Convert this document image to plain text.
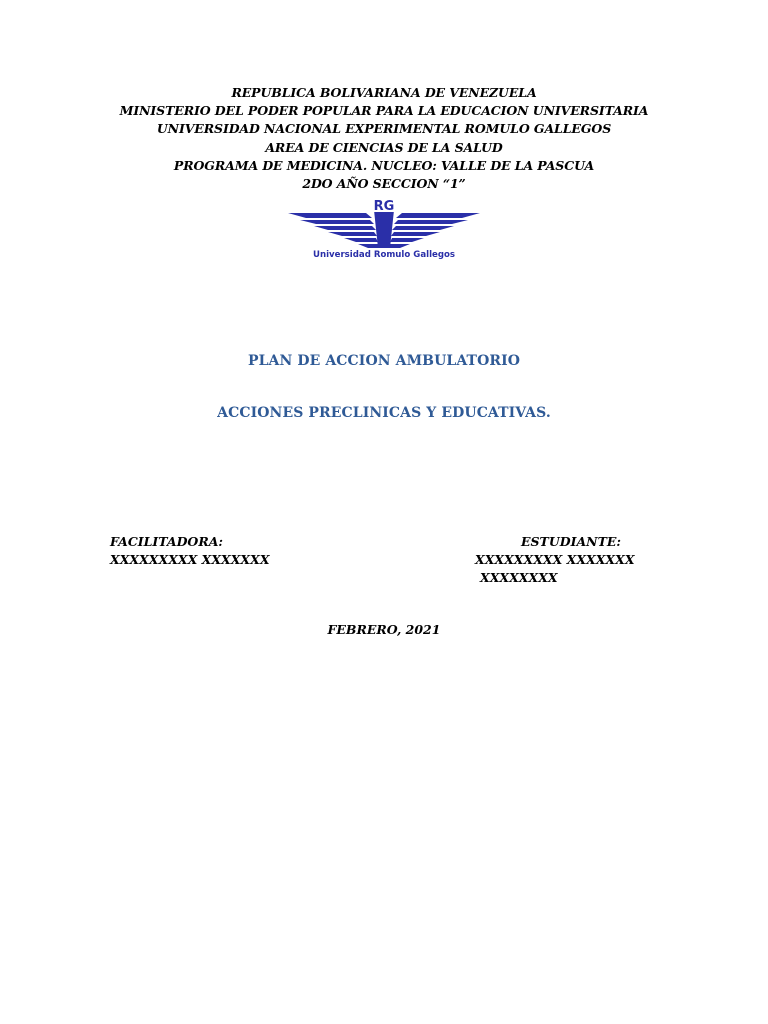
REPUBLICA BOLIVARIANA DE VENEZUELA
MINISTERIO DEL PODER POPULAR PARA LA EDUCACION UNIVERSITARIA
UNIVERSIDAD NACIONAL EXPERIMENTAL ROMULO GALLEGOS
AREA DE CIENCIAS DE LA SALUD
PROGRAMA DE MEDICINA. NUCLEO: VALLE DE LA PASCUA
2DO AÑO SECCION “1”
RG
Universidad Romulo Gallegos
PLAN DE ACCION AMBULATORIO
ACCIONES PRECLINICAS Y EDUCATIVAS.
FACILITADORA:
XXXXXXXXX XXXXXXX
ESTUDIANTE:
XXXXXXXXX XXXXXXX
XXXXXXXX
FEBRERO, 2021
